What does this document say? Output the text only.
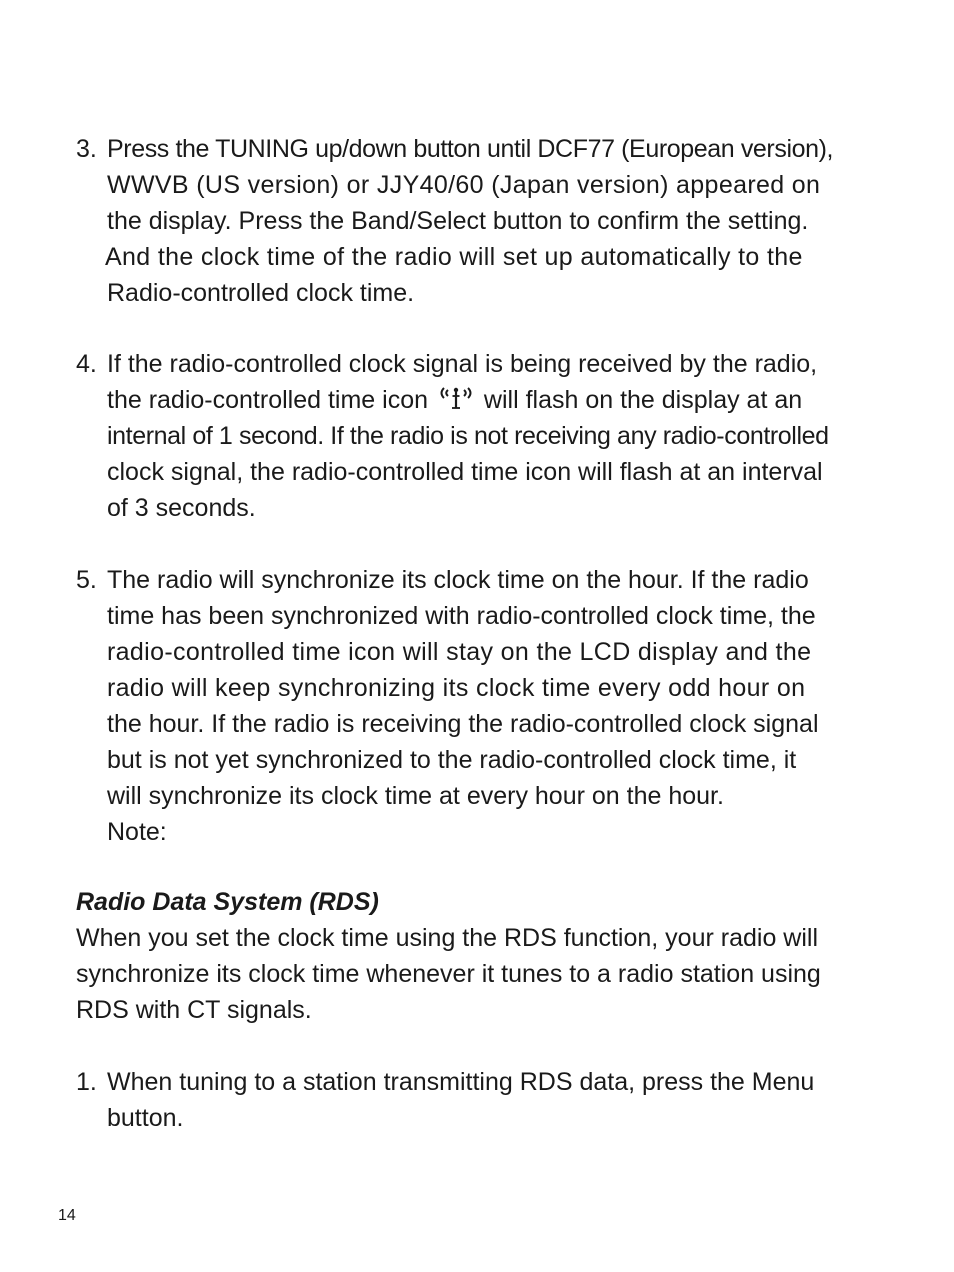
3. Press the TUNING up/down button until DCF77 (European version),
WWVB (US version) or JJY40/60 (Japan version) appeared on
the display. Press the Band/Select button to confirm the setting.
And the clock time of the radio will set up automatically to the
Radio-controlled clock time.
4. If the radio-controlled clock signal is being received by the radio,
the radio-controlled time icon will flash on the display at an
internal of 1 second. If the radio is not receiving any radio-controlled
clock signal, the radio-controlled time icon will flash at an interval
of 3 seconds.
5. The radio will synchronize its clock time on the hour. If the radio
time has been synchronized with radio-controlled clock time, the
radio-controlled time icon will stay on the LCD display and the
radio will keep synchronizing its clock time every odd hour on
the hour. If the radio is receiving the radio-controlled clock signal
but is not yet synchronized to the radio-controlled clock time, it
will synchronize its clock time at every hour on the hour.
Note:
Radio Data System (RDS)
When you set the clock time using the RDS function, your radio will
synchronize its clock time whenever it tunes to a radio station using
RDS with CT signals.
1. When tuning to a station transmitting RDS data, press the Menu
button.
14
